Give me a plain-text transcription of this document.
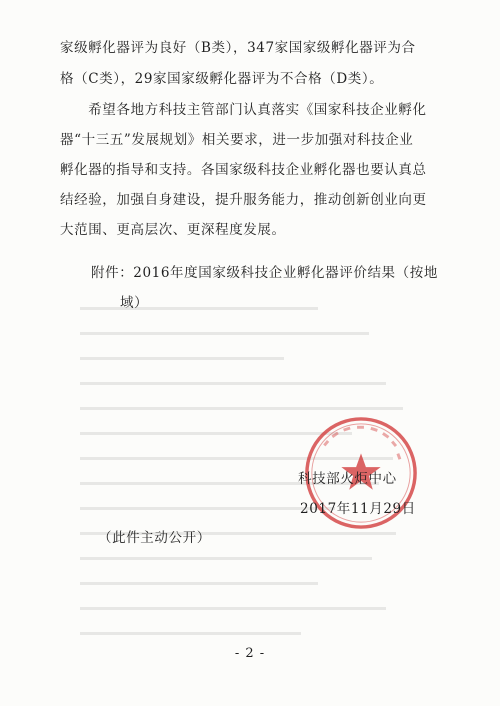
家级孵化器评为良好（B类），347家国家级孵化器评为合
格（C类），29家国家级孵化器评为不合格（D类）。
　　希望各地方科技主管部门认真落实《国家科技企业孵化
器“十三五”发展规划》相关要求，进一步加强对科技企业
孵化器的指导和支持。各国家级科技企业孵化器也要认真总
结经验，加强自身建设，提升服务能力，推动创新创业向更
大范围、更高层次、更深程度发展。
附件：2016年度国家级科技企业孵化器评价结果（按地
域）
科技部火炬中心
2017年11月29日
（此件主动公开）
- 2 -
